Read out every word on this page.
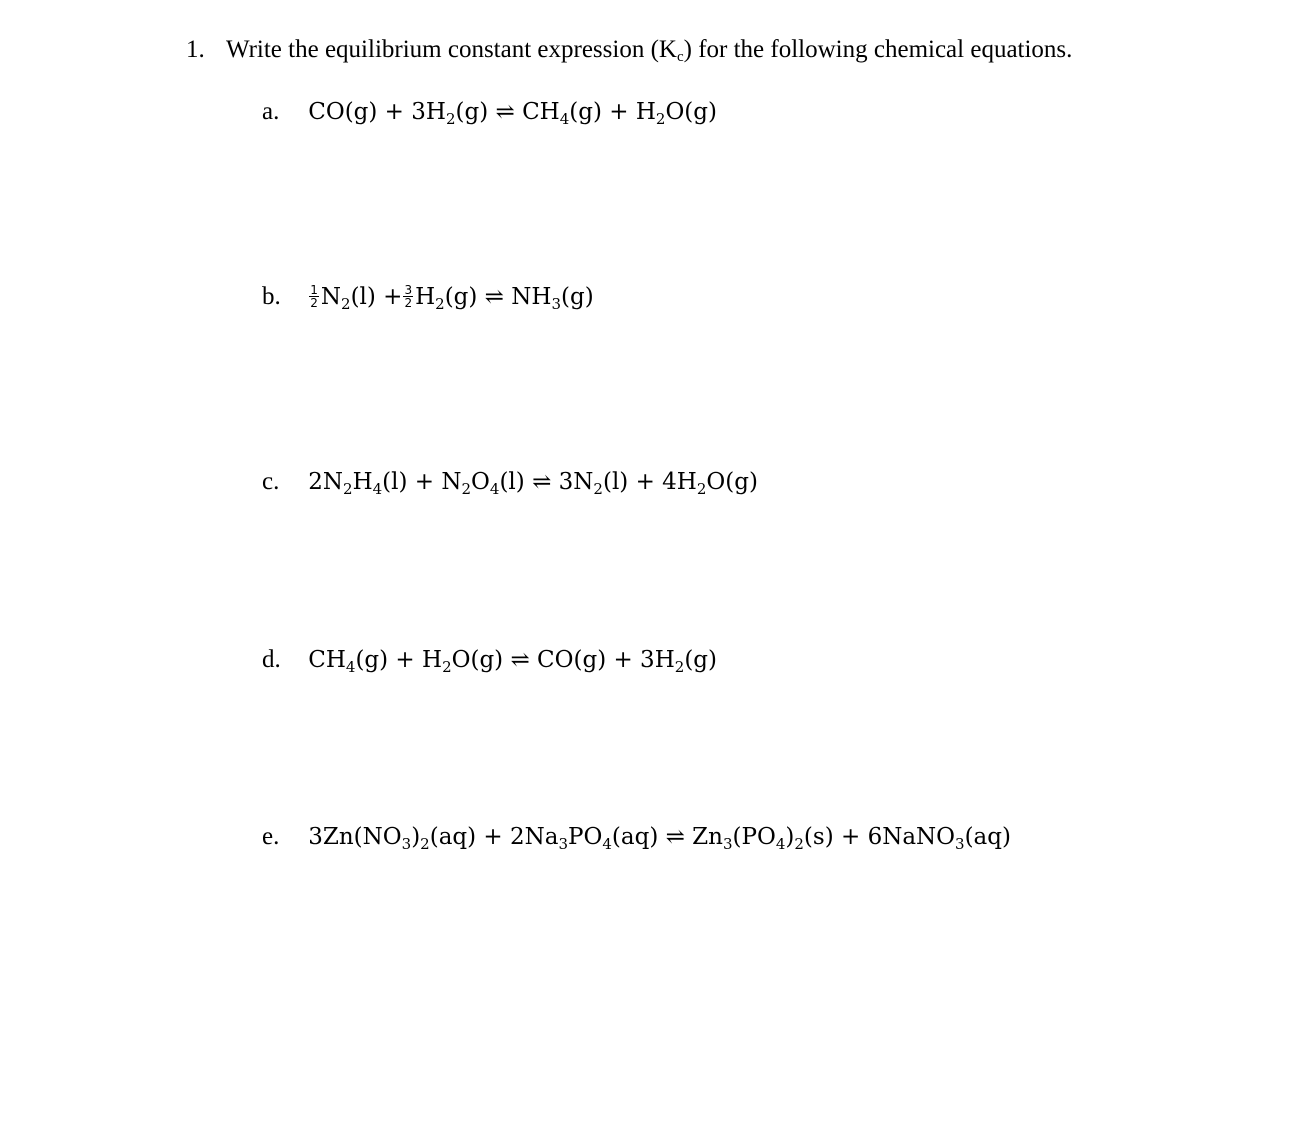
1. Write the equilibrium constant expression (Kc) for the following chemical equations.
a. $CO(g) + 3H_2(g)$ ⇌ $CH_4(g) + H_2O(g)$
b. $\frac{1}{2} N_2(l) + \frac{3}{2} H_2(g)$ ⇌ $NH_3(g)$
c. $2N_2H_4(l) + N_2O_4(l)$ ⇌ $3N_2(l) + 4H_2O(g)$
d. $CH_4(g) + H_2O(g)$ ⇌ $CO(g) + 3H_2(g)$
e. $3Zn(NO_3)_2(aq) + 2Na_3PO_4(aq)$ ⇌ $Zn_3(PO_4)_2(s)$ + 6NaNO$_3$(aq)
